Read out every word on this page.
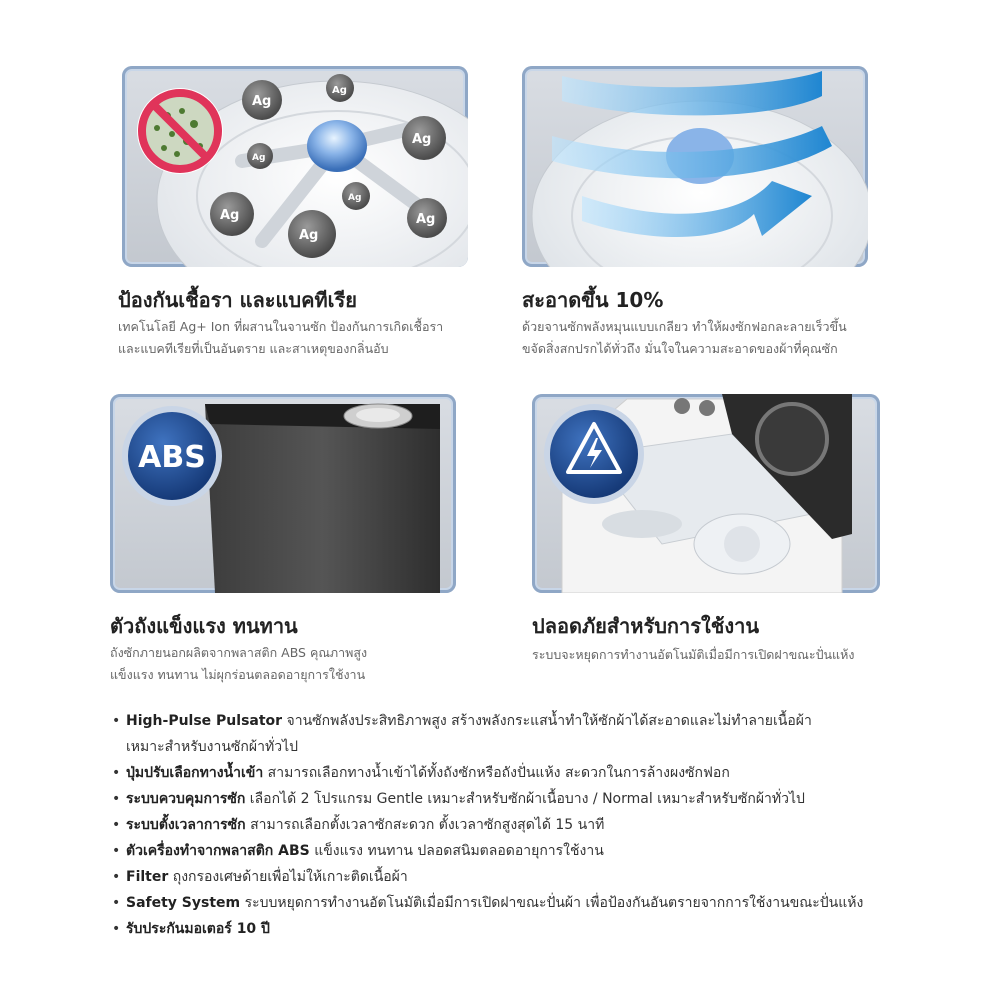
Ag
Ag
Ag
Ag
Ag
Ag
Ag
Ag
ป้องกันเชื้อรา และแบคทีเรีย
เทคโนโลยี Ag+ Ion ที่ผสานในจานซัก ป้องกันการเกิดเชื้อรา
และแบคทีเรียที่เป็นอันตราย และสาเหตุของกลิ่นอับ
สะอาดขึ้น 10%
ด้วยจานซักพลังหมุนแบบเกลียว ทำให้ผงซักฟอกละลายเร็วขึ้น
ขจัดสิ่งสกปรกได้ทั่วถึง มั่นใจในความสะอาดของผ้าที่คุณซัก
ABS
ตัวถังแข็งแรง ทนทาน
ถังซักภายนอกผลิตจากพลาสติก ABS คุณภาพสูง
แข็งแรง ทนทาน ไม่ผุกร่อนตลอดอายุการใช้งาน
ปลอดภัยสำหรับการใช้งาน
ระบบจะหยุดการทำงานอัตโนมัติเมื่อมีการเปิดฝาขณะปั่นแห้ง
• High-Pulse Pulsator จานซักพลังประสิทธิภาพสูง สร้างพลังกระแสน้ำทำให้ซักผ้าได้สะอาดและไม่ทำลายเนื้อผ้า
เหมาะสำหรับงานซักผ้าทั่วไป
• ปุ่มปรับเลือกทางน้ำเข้า สามารถเลือกทางน้ำเข้าได้ทั้งถังซักหรือถังปั่นแห้ง สะดวกในการล้างผงซักฟอก
• ระบบควบคุมการซัก เลือกได้ 2 โปรแกรม Gentle เหมาะสำหรับซักผ้าเนื้อบาง / Normal เหมาะสำหรับซักผ้าทั่วไป
• ระบบตั้งเวลาการซัก สามารถเลือกตั้งเวลาซักสะดวก ตั้งเวลาซักสูงสุดได้ 15 นาที
• ตัวเครื่องทำจากพลาสติก ABS แข็งแรง ทนทาน ปลอดสนิมตลอดอายุการใช้งาน
• Filter ถุงกรองเศษด้ายเพื่อไม่ให้เกาะติดเนื้อผ้า
• Safety System ระบบหยุดการทำงานอัตโนมัติเมื่อมีการเปิดฝาขณะปั่นผ้า เพื่อป้องกันอันตรายจากการใช้งานขณะปั่นแห้ง
• รับประกันมอเตอร์ 10 ปี
